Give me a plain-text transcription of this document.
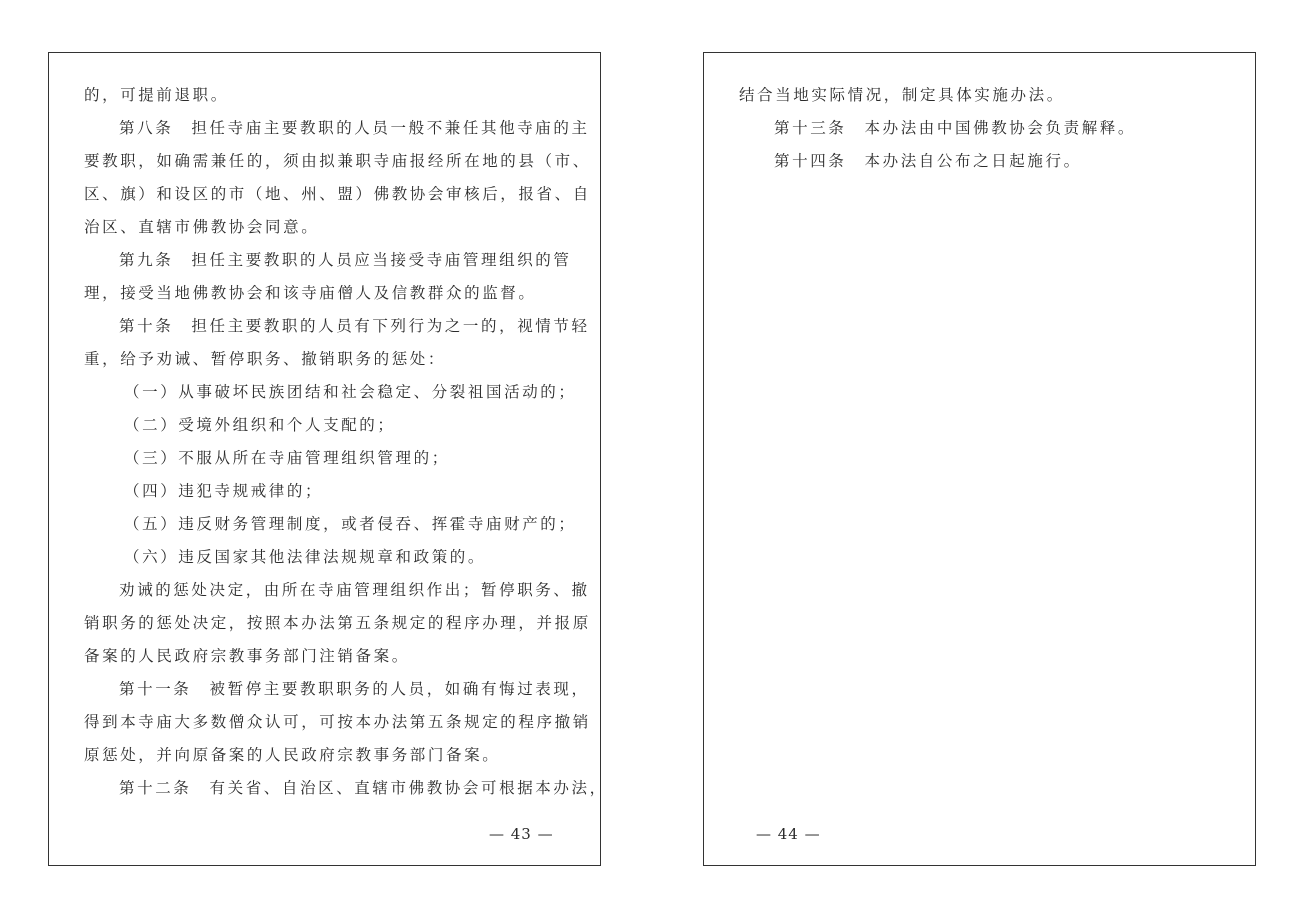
的，可提前退职。
第八条　担任寺庙主要教职的人员一般不兼任其他寺庙的主
要教职，如确需兼任的，须由拟兼职寺庙报经所在地的县（市、
区、旗）和设区的市（地、州、盟）佛教协会审核后，报省、自
治区、直辖市佛教协会同意。
第九条　担任主要教职的人员应当接受寺庙管理组织的管
理，接受当地佛教协会和该寺庙僧人及信教群众的监督。
第十条　担任主要教职的人员有下列行为之一的，视情节轻
重，给予劝诫、暂停职务、撤销职务的惩处：
（一）从事破坏民族团结和社会稳定、分裂祖国活动的；
（二）受境外组织和个人支配的；
（三）不服从所在寺庙管理组织管理的；
（四）违犯寺规戒律的；
（五）违反财务管理制度，或者侵吞、挥霍寺庙财产的；
（六）违反国家其他法律法规规章和政策的。
劝诫的惩处决定，由所在寺庙管理组织作出；暂停职务、撤
销职务的惩处决定，按照本办法第五条规定的程序办理，并报原
备案的人民政府宗教事务部门注销备案。
第十一条　被暂停主要教职职务的人员，如确有悔过表现，
得到本寺庙大多数僧众认可，可按本办法第五条规定的程序撤销
原惩处，并向原备案的人民政府宗教事务部门备案。
第十二条　有关省、自治区、直辖市佛教协会可根据本办法，
— 43 —
结合当地实际情况，制定具体实施办法。
第十三条　本办法由中国佛教协会负责解释。
第十四条　本办法自公布之日起施行。
— 44 —
